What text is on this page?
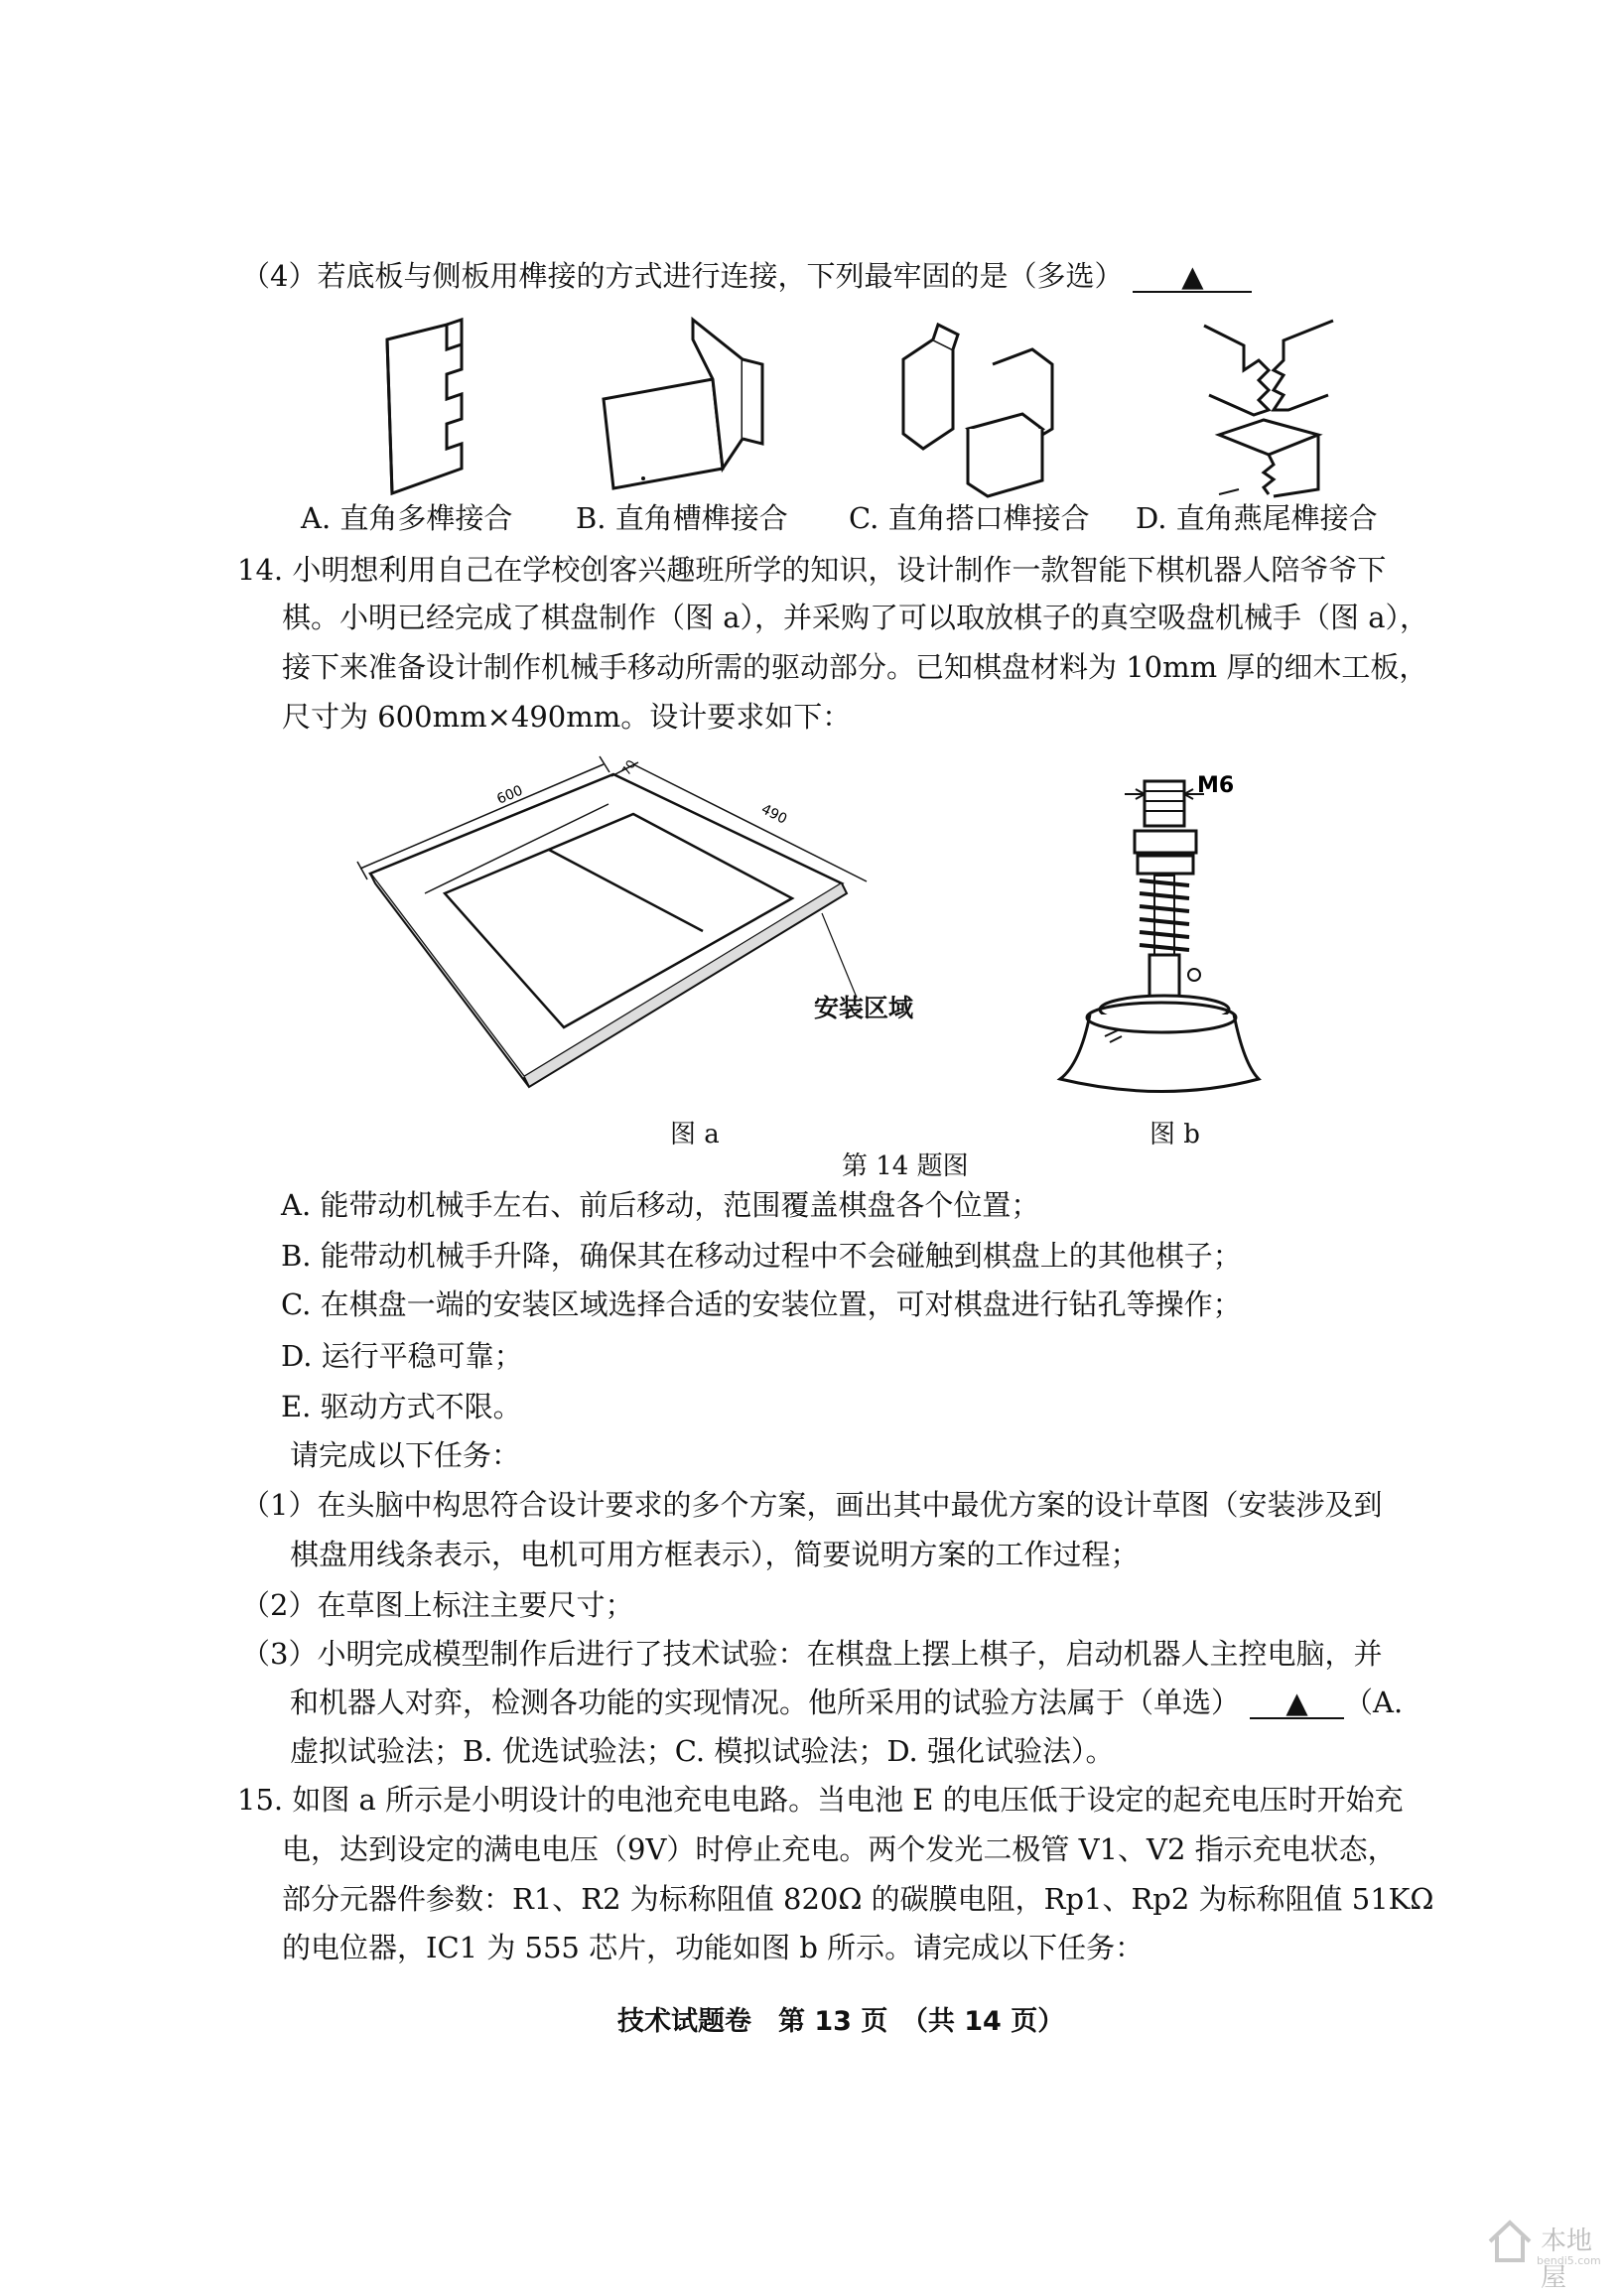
（4）若底板与侧板用榫接的方式进行连接，下列最牢固的是（多选） ▲
A. 直角多榫接合 B. 直角槽榫接合 C. 直角搭口榫接合 D. 直角燕尾榫接合
14. 小明想利用自己在学校创客兴趣班所学的知识，设计制作一款智能下棋机器人陪爷爷下
棋。小明已经完成了棋盘制作（图 a），并采购了可以取放棋子的真空吸盘机械手（图 a），
接下来准备设计制作机械手移动所需的驱动部分。已知棋盘材料为 10mm 厚的细木工板，
尺寸为 600mm×490mm。设计要求如下：
600
490
70
安装区域
M6
图 a	图 b
第 14 题图
A. 能带动机械手左右、前后移动，范围覆盖棋盘各个位置；
B. 能带动机械手升降，确保其在移动过程中不会碰触到棋盘上的其他棋子；
C. 在棋盘一端的安装区域选择合适的安装位置，可对棋盘进行钻孔等操作；
D. 运行平稳可靠；
E. 驱动方式不限。
请完成以下任务：
（1）在头脑中构思符合设计要求的多个方案，画出其中最优方案的设计草图（安装涉及到
棋盘用线条表示，电机可用方框表示），简要说明方案的工作过程；
（2）在草图上标注主要尺寸；
（3）小明完成模型制作后进行了技术试验：在棋盘上摆上棋子，启动机器人主控电脑，并
和机器人对弈，检测各功能的实现情况。他所采用的试验方法属于（单选） ▲ （A.
虚拟试验法；B. 优选试验法；C. 模拟试验法；D. 强化试验法）。
15. 如图 a 所示是小明设计的电池充电电路。当电池 E 的电压低于设定的起充电压时开始充
电，达到设定的满电电压（9V）时停止充电。两个发光二极管 V1、V2 指示充电状态，
部分元器件参数：R1、R2 为标称阻值 820Ω 的碳膜电阻，Rp1、Rp2 为标称阻值 51KΩ
的电位器，IC1 为 555 芯片，功能如图 b 所示。请完成以下任务：
技术试题卷　第 13 页　（共 14 页）
本地屋
bendi5.com
